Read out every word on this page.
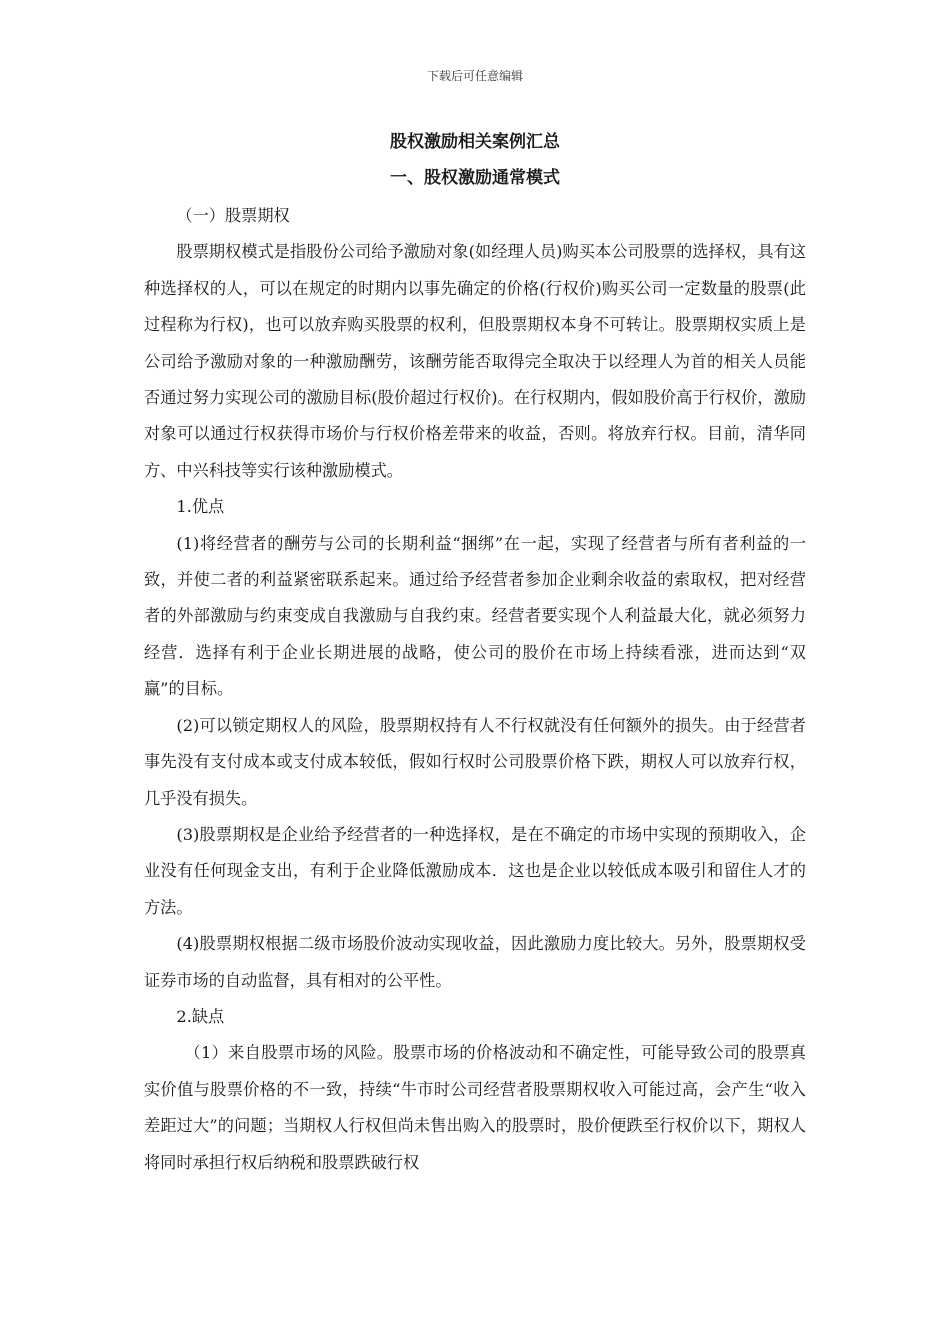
下载后可任意编辑
股权激励相关案例汇总
一、股权激励通常模式

（一）股票期权

股票期权模式是指股份公司给予激励对象(如经理人员)购买本公司股票的选择权，具有这种选择权的人，可以在规定的时期内以事先确定的价格(行权价)购买公司一定数量的股票(此过程称为行权)，也可以放弃购买股票的权利，但股票期权本身不可转让。股票期权实质上是公司给予激励对象的一种激励酬劳，该酬劳能否取得完全取决于以经理人为首的相关人员能否通过努力实现公司的激励目标(股价超过行权价)。在行权期内，假如股价高于行权价，激励对象可以通过行权获得市场价与行权价格差带来的收益，否则。将放弃行权。目前，清华同方、中兴科技等实行该种激励模式。

1.优点

(1)将经营者的酬劳与公司的长期利益“捆绑”在一起，实现了经营者与所有者利益的一致，并使二者的利益紧密联系起来。通过给予经营者参加企业剩余收益的索取权，把对经营者的外部激励与约束变成自我激励与自我约束。经营者要实现个人利益最大化，就必须努力经营．选择有利于企业长期进展的战略，使公司的股价在市场上持续看涨，进而达到“双赢”的目标。

(2)可以锁定期权人的风险，股票期权持有人不行权就没有任何额外的损失。由于经营者事先没有支付成本或支付成本较低，假如行权时公司股票价格下跌，期权人可以放弃行权，几乎没有损失。

(3)股票期权是企业给予经营者的一种选择权，是在不确定的市场中实现的预期收入，企业没有任何现金支出，有利于企业降低激励成本．这也是企业以较低成本吸引和留住人才的方法。

(4)股票期权根据二级市场股价波动实现收益，因此激励力度比较大。另外，股票期权受证券市场的自动监督，具有相对的公平性。

2.缺点

（1）来自股票市场的风险。股票市场的价格波动和不确定性，可能导致公司的股票真实价值与股票价格的不一致，持续“牛市时公司经营者股票期权收入可能过高，会产生“收入差距过大”的问题；当期权人行权但尚未售出购入的股票时，股价便跌至行权价以下，期权人将同时承担行权后纳税和股票跌破行权
